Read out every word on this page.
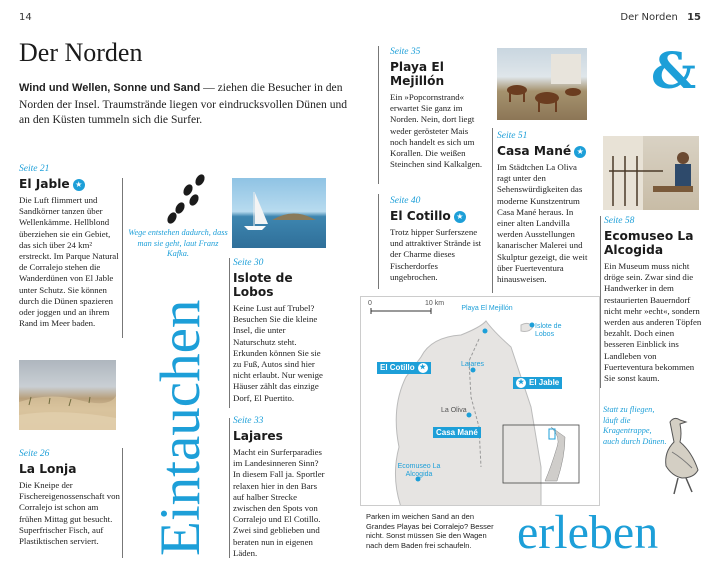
14	Der Norden 15
Der Norden
Wind und Wellen, Sonne und Sand — ziehen die Besucher in den Norden der Insel. Traumstrände liegen vor eindrucksvollen Dünen und an den Küsten tummeln sich die Surfer.
Seite 21
El Jable ★
Die Luft flimmert und Sandkörner tanzen über Wellenkämme. Hellblond überziehen sie ein Gebiet, das sich über 24 km² erstreckt. Im Parque Natural de Corralejo stehen die Wanderdünen von El Jable unter Schutz. Sie können durch die Dünen spazieren oder joggen und an ihrem Rand im Meer baden.
Seite 26
La Lonja
Die Kneipe der Fischereigenossenschaft von Corralejo ist schon am frühen Mittag gut besucht. Superfrischer Fisch, auf Plastiktischen serviert.
Wege entstehen dadurch, dass man sie geht, laut Franz Kafka.
Eintauchen
Seite 30
Islote de Lobos
Keine Lust auf Trubel? Besuchen Sie die kleine Insel, die unter Naturschutz steht. Erkunden können Sie sie zu Fuß, Autos sind hier nicht erlaubt. Nur wenige Häuser zählt das einzige Dorf, El Puertito.
Seite 33
Lajares
Macht ein Surferparadies im Landesinneren Sinn? In diesem Fall ja. Sportler relaxen hier in den Bars auf halber Strecke zwischen den Spots von Corralejo und El Cotillo. Zwei sind geblieben und beraten nun in eigenen Läden.
Seite 35
Playa El Mejillón
Ein »Popcornstrand« erwartet Sie ganz im Norden. Nein, dort liegt weder gerösteter Mais noch handelt es sich um Korallen. Die weißen Steinchen sind Kalkalgen.
Seite 40
El Cotillo ★
Trotz hipper Surferszene und attraktiver Strände ist der Charme dieses Fischerdorfes ungebrochen.
Seite 51
Casa Mané ★
Im Städtchen La Oliva ragt unter den Sehenswürdigkeiten das moderne Kunstzentrum Casa Mané heraus. In einer alten Landvilla werden Ausstellungen kanarischer Malerei und Skulptur gezeigt, die weit über Fuerteventura hinausweisen.
&
Seite 58
Ecomuseo La Alcogida
Ein Museum muss nicht dröge sein. Zwar sind die Handwerker in dem restaurierten Bauerndorf nicht mehr »echt«, sondern werden aus anderen Töpfen bezahlt. Doch einen besseren Einblick ins Landleben von Fuerteventura bekommen Sie sonst kaum.
Statt zu fliegen, läuft die Kragentrappe, auch durch Dünen.
0	10 km
Playa El Mejillón
Islote de Lobos
Lajares
La Oliva
Ecomuseo La Alcogida
El Cotillo ★
★ El Jable
Casa Mané
Parken im weichen Sand an den Grandes Playas bei Corralejo? Besser nicht. Sonst müssen Sie den Wagen nach dem Baden frei schaufeln. erleben
